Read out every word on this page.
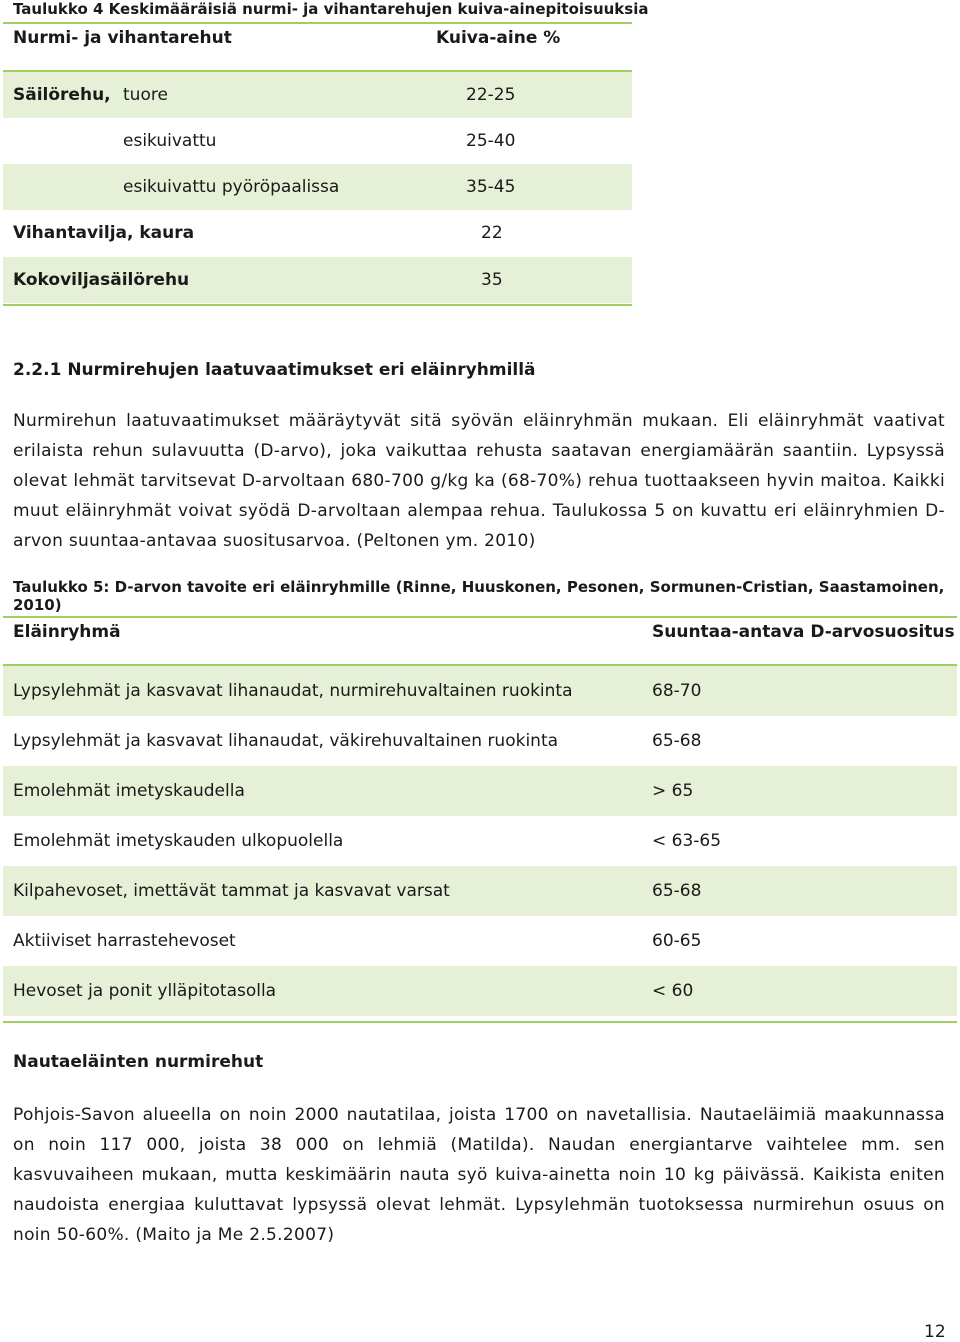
Taulukko 4 Keskimääräisiä nurmi- ja vihantarehujen kuiva-ainepitoisuuksia
Nurmi- ja vihantarehut	Kuiva-aine %
Säilörehu, tuore	22-25
esikuivattu	25-40
esikuivattu pyöröpaalissa	35-45
Vihantavilja, kaura	22
Kokoviljasäilörehu	35
2.2.1 Nurmirehujen laatuvaatimukset eri eläinryhmillä
Nurmirehun laatuvaatimukset määräytyvät sitä syövän eläinryhmän mukaan. Eli eläinryhmät vaativat erilaista rehun sulavuutta (D-arvo), joka vaikuttaa rehusta saatavan energiamäärän saantiin. Lypsyssä olevat lehmät tarvitsevat D-arvoltaan 680-700 g/kg ka (68-70%) rehua tuottaakseen hyvin maitoa. Kaikki muut eläinryhmät voivat syödä D-arvoltaan alempaa rehua. Taulukossa 5 on kuvattu eri eläinryhmien D-arvon suuntaa-antavaa suositusarvoa. (Peltonen ym. 2010)
Taulukko 5: D-arvon tavoite eri eläinryhmille (Rinne, Huuskonen, Pesonen, Sormunen-Cristian, Saastamoinen, 2010)
Eläinryhmä	Suuntaa-antava D-arvosuositus
Lypsylehmät ja kasvavat lihanaudat, nurmirehuvaltainen ruokinta	68-70
Lypsylehmät ja kasvavat lihanaudat, väkirehuvaltainen ruokinta	65-68
Emolehmät imetyskaudella	> 65
Emolehmät imetyskauden ulkopuolella	< 63-65
Kilpahevoset, imettävät tammat ja kasvavat varsat	65-68
Aktiiviset harrastehevoset	60-65
Hevoset ja ponit ylläpitotasolla	< 60
Nautaeläinten nurmirehut
Pohjois-Savon alueella on noin 2000 nautatilaa, joista 1700 on navetallisia. Nautaeläimiä maakunnassa on noin 117 000, joista 38 000 on lehmiä (Matilda). Naudan energiantarve vaihtelee mm. sen kasvuvaiheen mukaan, mutta keskimäärin nauta syö kuiva-ainetta noin 10 kg päivässä. Kaikista eniten naudoista energiaa kuluttavat lypsyssä olevat lehmät. Lypsylehmän tuotoksessa nurmirehun osuus on noin 50-60%. (Maito ja Me 2.5.2007)
12
